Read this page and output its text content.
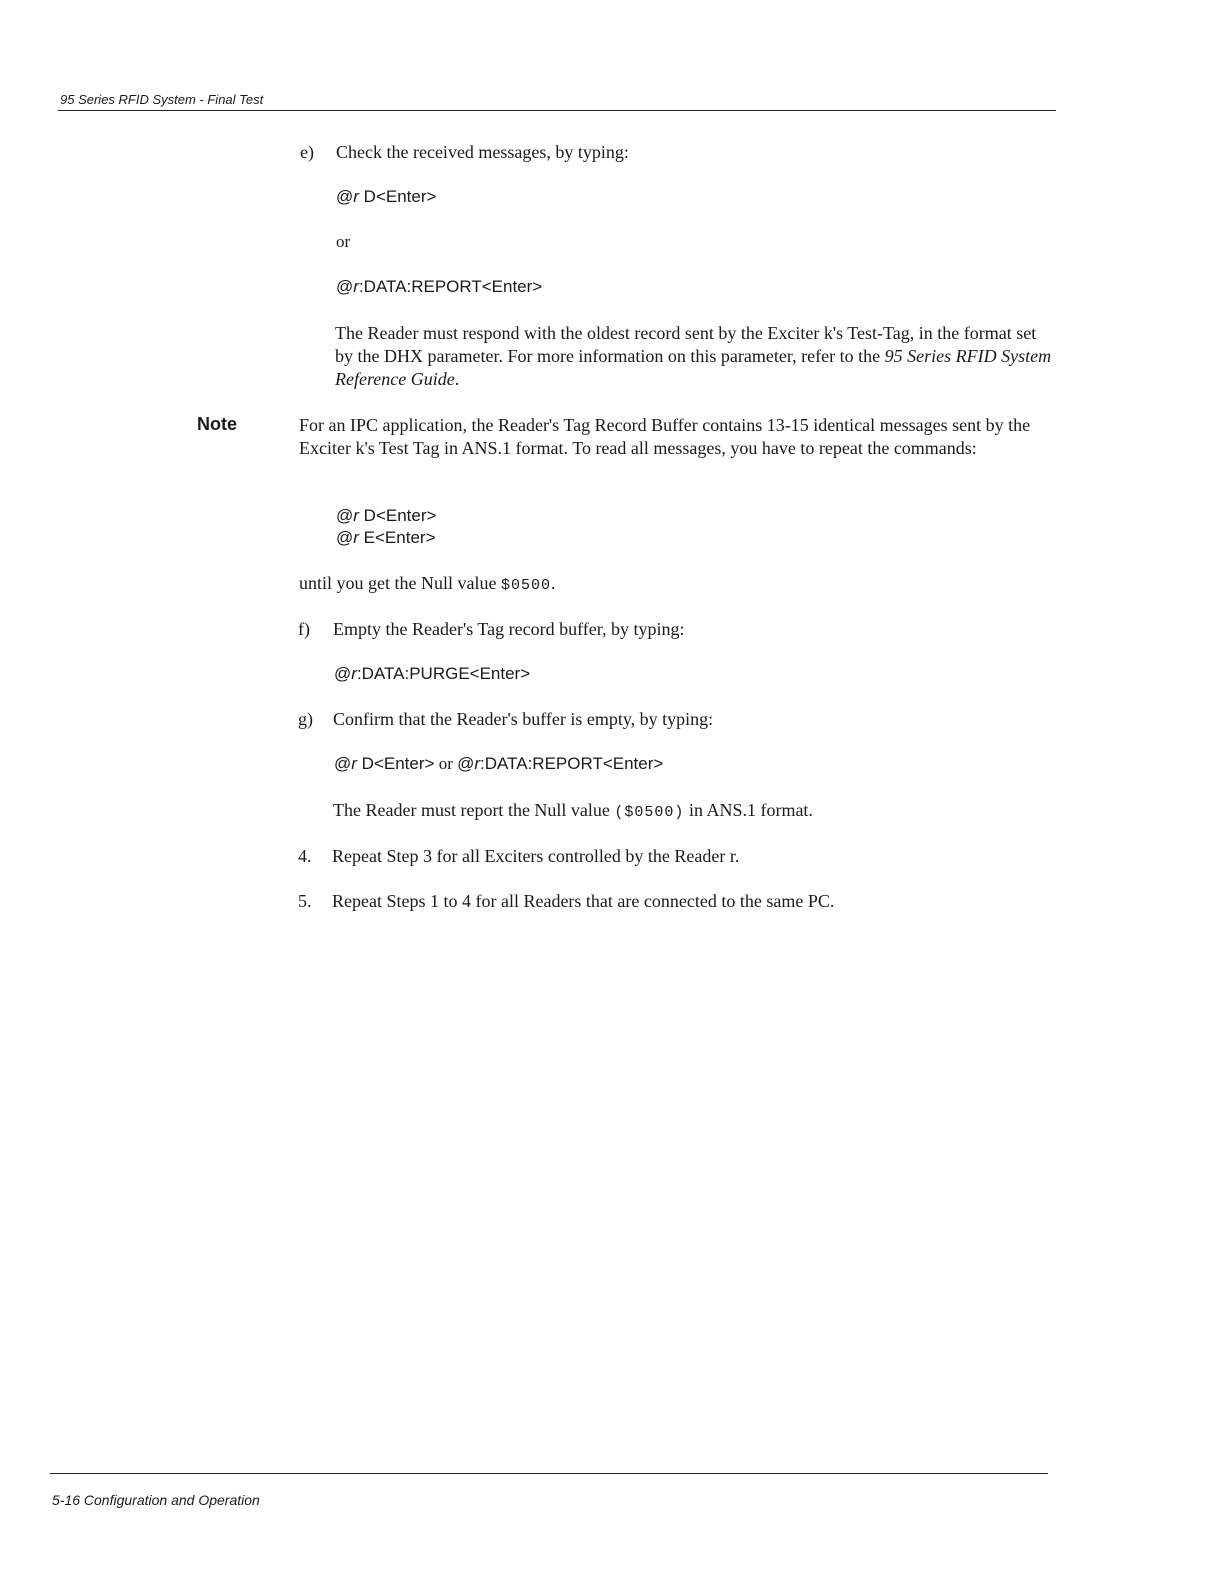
95 Series RFID System - Final Test
e) Check the received messages, by typing:
@r D<Enter>
or
@r:DATA:REPORT<Enter>
The Reader must respond with the oldest record sent by the Exciter k's Test-Tag, in the format set by the DHX parameter. For more information on this parameter, refer to the 95 Series RFID System Reference Guide.
Note	For an IPC application, the Reader's Tag Record Buffer contains 13-15 identical messages sent by the Exciter k's Test Tag in ANS.1 format. To read all messages, you have to repeat the commands:
@r D<Enter>
@r E<Enter>
until you get the Null value $0500.
f) Empty the Reader's Tag record buffer, by typing:
@r:DATA:PURGE<Enter>
g) Confirm that the Reader's buffer is empty, by typing:
@r D<Enter> or @r:DATA:REPORT<Enter>
The Reader must report the Null value ($0500) in ANS.1 format.
4. Repeat Step 3 for all Exciters controlled by the Reader r.
5. Repeat Steps 1 to 4 for all Readers that are connected to the same PC.
5-16 Configuration and Operation
